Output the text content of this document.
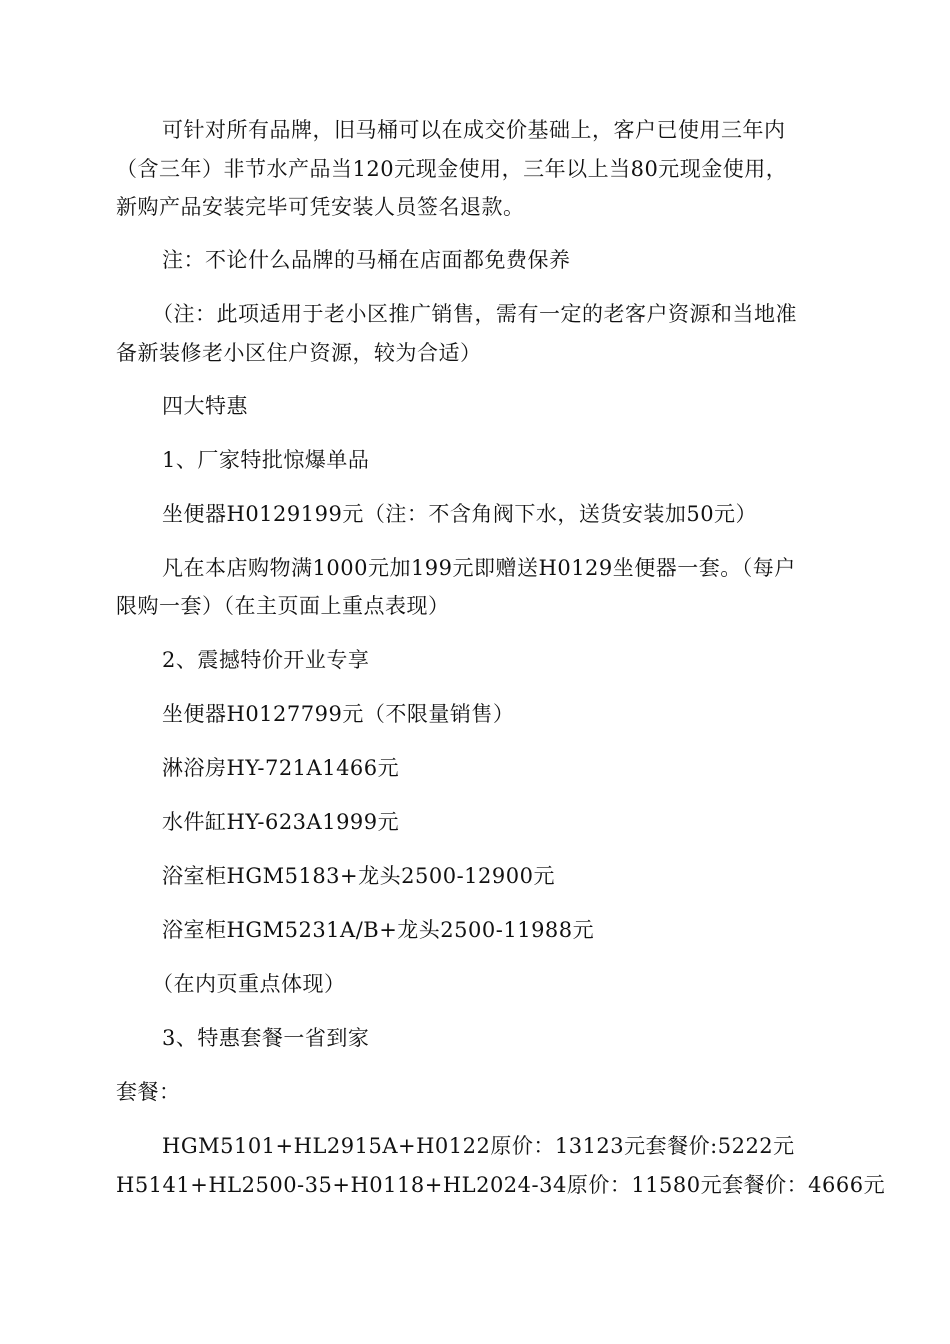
可针对所有品牌，旧马桶可以在成交价基础上，客户已使用三年内
（含三年）非节水产品当120元现金使用，三年以上当80元现金使用，
新购产品安装完毕可凭安装人员签名退款。
注：不论什么品牌的马桶在店面都免费保养
（注：此项适用于老小区推广销售，需有一定的老客户资源和当地准
备新装修老小区住户资源，较为合适）
四大特惠
1、厂家特批惊爆单品
坐便器H0129199元（注：不含角阀下水，送货安装加50元）
凡在本店购物满1000元加199元即赠送H0129坐便器一套。（每户
限购一套）（在主页面上重点表现）
2、震撼特价开业专享
坐便器H0127799元（不限量销售）
淋浴房HY-721A1466元
水件缸HY-623A1999元
浴室柜HGM5183+龙头2500-12900元
浴室柜HGM5231A/B+龙头2500-11988元
（在内页重点体现）
3、特惠套餐一省到家
套餐：
HGM5101+HL2915A+H0122原价：13123元套餐价:5222元
H5141+HL2500-35+H0118+HL2024-34原价：11580元套餐价：4666元
